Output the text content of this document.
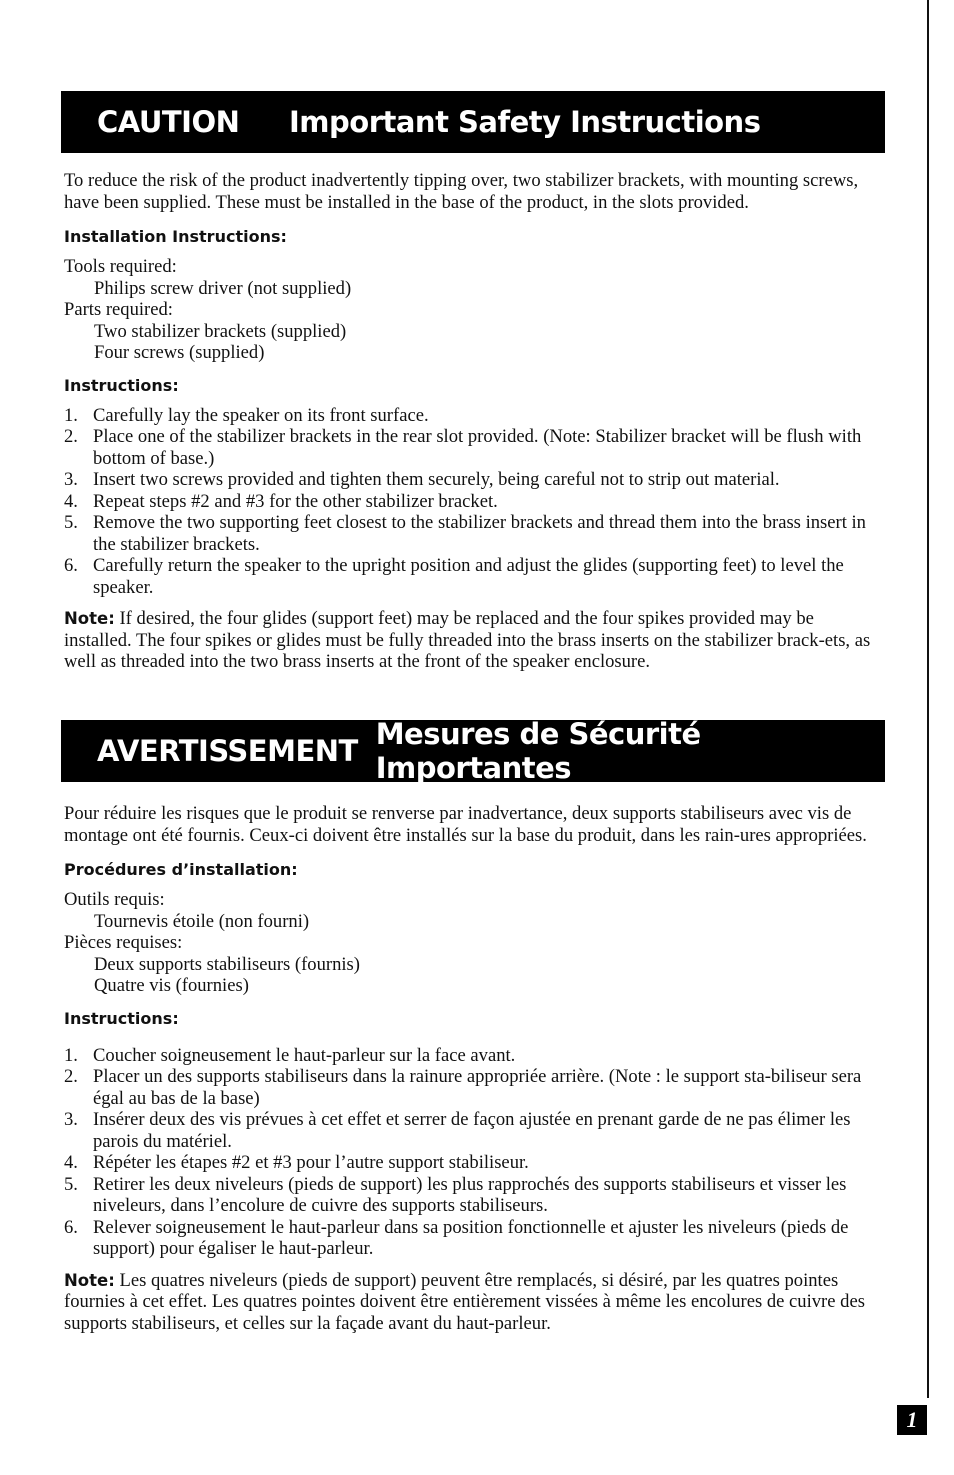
CAUTION	Important Safety Instructions

To reduce the risk of the product inadvertently tipping over, two stabilizer brackets, with mounting screws, have been supplied. These must be installed in the base of the product, in the slots provided.

Installation Instructions:

Tools required:
Philips screw driver (not supplied)
Parts required:
Two stabilizer brackets (supplied)
Four screws (supplied)

Instructions:

1. Carefully lay the speaker on its front surface.
2. Place one of the stabilizer brackets in the rear slot provided. (Note: Stabilizer bracket will be flush with bottom of base.)
3. Insert two screws provided and tighten them securely, being careful not to strip out material.
4. Repeat steps #2 and #3 for the other stabilizer bracket.
5. Remove the two supporting feet closest to the stabilizer brackets and thread them into the brass insert in the stabilizer brackets.
6. Carefully return the speaker to the upright position and adjust the glides (supporting feet) to level the speaker.

Note: If desired, the four glides (support feet) may be replaced and the four spikes provided may be installed. The four spikes or glides must be fully threaded into the brass inserts on the stabilizer brack-ets, as well as threaded into the two brass inserts at the front of the speaker enclosure.

AVERTISSEMENT Mesures de Sécurité Importantes

Pour réduire les risques que le produit se renverse par inadvertance, deux supports stabiliseurs avec vis de montage ont été fournis. Ceux-ci doivent être installés sur la base du produit, dans les rain-ures appropriées.

Procédures d’installation:

Outils requis:
Tournevis étoile (non fourni)
Pièces requises:
Deux supports stabiliseurs (fournis)
Quatre vis (fournies)

Instructions:

1. Coucher soigneusement le haut-parleur sur la face avant.
2. Placer un des supports stabiliseurs dans la rainure appropriée arrière. (Note : le support sta-biliseur sera égal au bas de la base)
3. Insérer deux des vis prévues à cet effet et serrer de façon ajustée en prenant garde de ne pas élimer les parois du matériel.
4. Répéter les étapes #2 et #3 pour l’autre support stabiliseur.
5. Retirer les deux niveleurs (pieds de support) les plus rapprochés des supports stabiliseurs et visser les niveleurs, dans l’encolure de cuivre des supports stabiliseurs.
6. Relever soigneusement le haut-parleur dans sa position fonctionnelle et ajuster les niveleurs (pieds de support) pour égaliser le haut-parleur.

Note: Les quatres niveleurs (pieds de support) peuvent être remplacés, si désiré, par les quatres pointes fournies à cet effet. Les quatres pointes doivent être entièrement vissées à même les encolures de cuivre des supports stabiliseurs, et celles sur la façade avant du haut-parleur.

1
